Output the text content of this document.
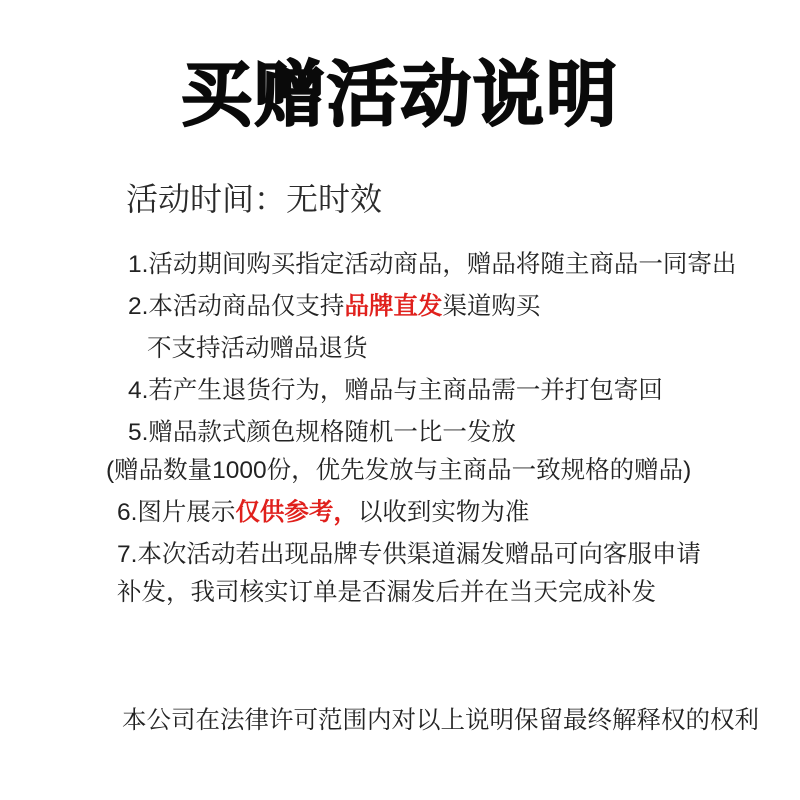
买赠活动说明
活动时间：无时效

1.活动期间购买指定活动商品，赠品将随主商品一同寄出

2.本活动商品仅支持品牌直发渠道购买

不支持活动赠品退货

4.若产生退货行为，赠品与主商品需一并打包寄回

5.赠品款式颜色规格随机一比一发放

(赠品数量1000份，优先发放与主商品一致规格的赠品)

6.图片展示仅供参考，以收到实物为准

7.本次活动若出现品牌专供渠道漏发赠品可向客服申请

补发，我司核实订单是否漏发后并在当天完成补发

本公司在法律许可范围内对以上说明保留最终解释权的权利
